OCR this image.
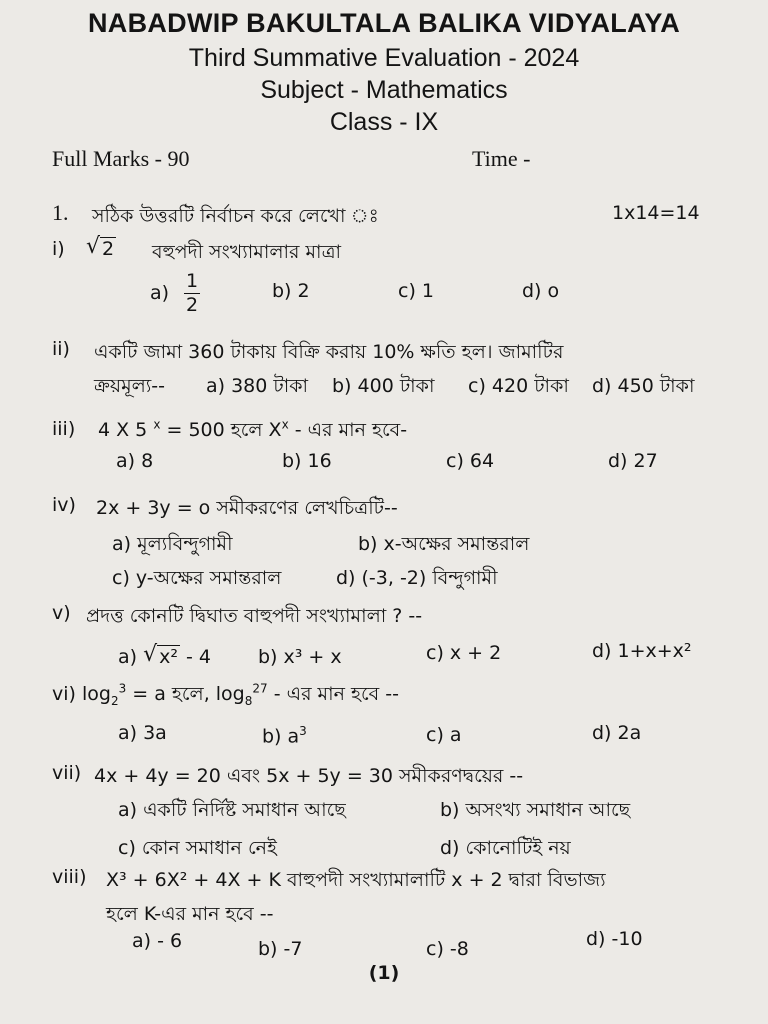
NABADWIP BAKULTALA BALIKA VIDYALAYA
Third Summative Evaluation - 2024
Subject - Mathematics
Class - IX
Full Marks - 90	Time -
1. সঠিক উত্তরটি নির্বাচন করে লেখো ঃ	1x14=14
i) √ 2 বহুপদী সংখ্যামালার মাত্রা
$a) \frac{1}{2}$	b) 2	c) 1	d) o
ii) একটি জামা 360 টাকায় বিক্রি করায় 10% ক্ষতি হল। জামাটির
ক্রয়মূল্য-- a) 380 টাকা b) 400 টাকা c) 420 টাকা d) 450 টাকা
iii) 4 X 5 $^x$ = 500 হলে $X^x$ - এর মান হবে-
a) 8	b) 16	c) 64	d) 27
iv) 2x + 3y = o সমীকরণের লেখচিত্রটি--
a) মূল্যবিন্দুগামী	b) x-অক্ষের সমান্তরাল
c) y-অক্ষের সমান্তরাল	d) (-3, -2) বিন্দুগামী
v) প্রদত্ত কোনটি দ্বিঘাত বাহুপদী সংখ্যামালা ? --
a) √ x² - 4 b) x³ + x	c) x + 2	d) 1+x+x²
vi) $\log_2^3 = a$ হলে, $\log_8^{27}$ - এর মান হবে --
a) 3a	b) $a^3$	c) a	d) 2a
vii) 4x + 4y = 20 এবং 5x + 5y = 30 সমীকরণদ্বয়ের --
a) একটি নির্দিষ্ট সমাধান আছে	b) অসংখ্য সমাধান আছে
c) কোন সমাধান নেই	d) কোনোটিই নয়
viii) X³ + 6X² + 4X + K বাহুপদী সংখ্যামালাটি x + 2 দ্বারা বিভাজ্য
হলে K-এর মান হবে --
a) - 6	b) -7	c) -8	d) -10
(1)
